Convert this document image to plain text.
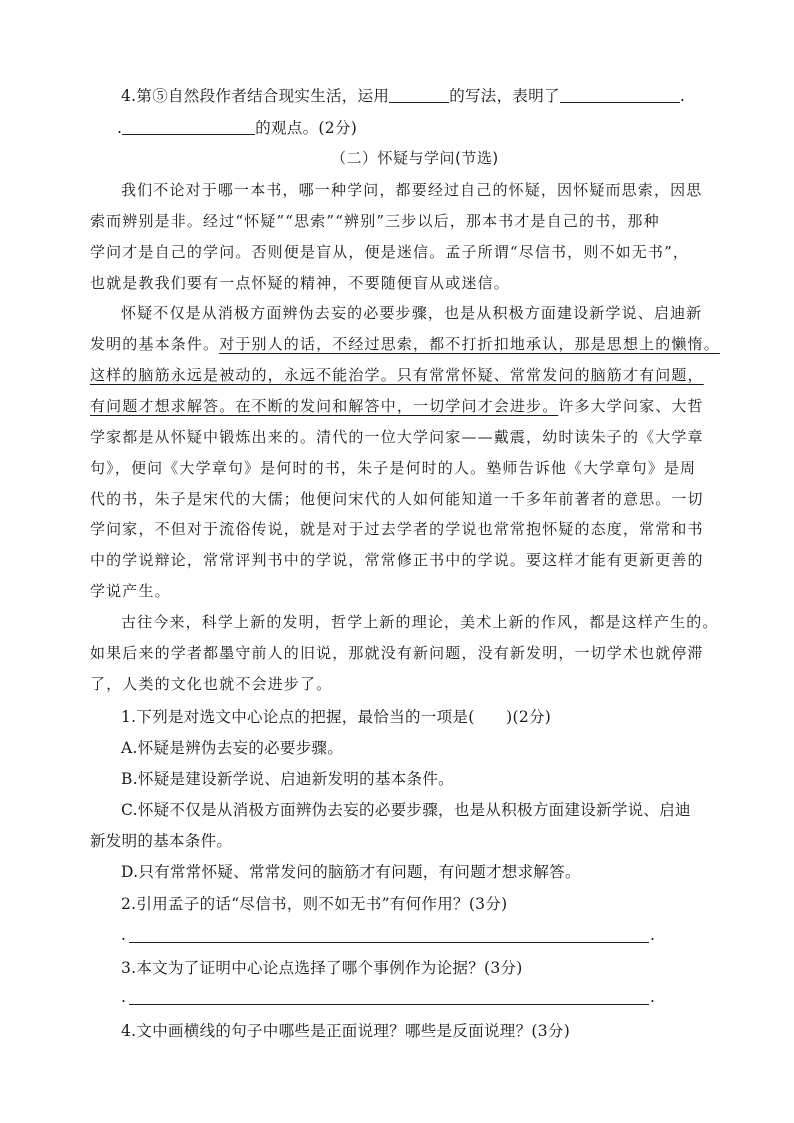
4.第⑤自然段作者结合现实生活，运用	的写法，表明了	.
.	的观点。(2分)
（二）怀疑与学问(节选)
我们不论对于哪一本书，哪一种学问，都要经过自己的怀疑，因怀疑而思索，因思
索而辨别是非。经过“怀疑”“思索”“辨别”三步以后，那本书才是自己的书，那种
学问才是自己的学问。否则便是盲从，便是迷信。孟子所谓“尽信书，则不如无书”，
也就是教我们要有一点怀疑的精神，不要随便盲从或迷信。
怀疑不仅是从消极方面辨伪去妄的必要步骤，也是从积极方面建设新学说、启迪新
发明的基本条件。对于别人的话，不经过思索，都不打折扣地承认，那是思想上的懒惰。
这样的脑筋永远是被动的，永远不能治学。只有常常怀疑、常常发问的脑筋才有问题，
有问题才想求解答。在不断的发问和解答中，一切学问才会进步。许多大学问家、大哲
学家都是从怀疑中锻炼出来的。清代的一位大学问家——戴震，幼时读朱子的《大学章
句》，便问《大学章句》是何时的书，朱子是何时的人。塾师告诉他《大学章句》是周
代的书，朱子是宋代的大儒；他便问宋代的人如何能知道一千多年前著者的意思。一切
学问家，不但对于流俗传说，就是对于过去学者的学说也常常抱怀疑的态度，常常和书
中的学说辩论，常常评判书中的学说，常常修正书中的学说。要这样才能有更新更善的
学说产生。
古往今来，科学上新的发明，哲学上新的理论，美术上新的作风，都是这样产生的。
如果后来的学者都墨守前人的旧说，那就没有新问题，没有新发明，一切学术也就停滞
了，人类的文化也就不会进步了。
1.下列是对选文中心论点的把握，最恰当的一项是(　　)(2分)
A.怀疑是辨伪去妄的必要步骤。
B.怀疑是建设新学说、启迪新发明的基本条件。
C.怀疑不仅是从消极方面辨伪去妄的必要步骤，也是从积极方面建设新学说、启迪
新发明的基本条件。
D.只有常常怀疑、常常发问的脑筋才有问题，有问题才想求解答。
2.引用孟子的话“尽信书，则不如无书”有何作用？(3分)
.	.
3.本文为了证明中心论点选择了哪个事例作为论据？(3分)
.	.
4.文中画横线的句子中哪些是正面说理？哪些是反面说理？(3分)
